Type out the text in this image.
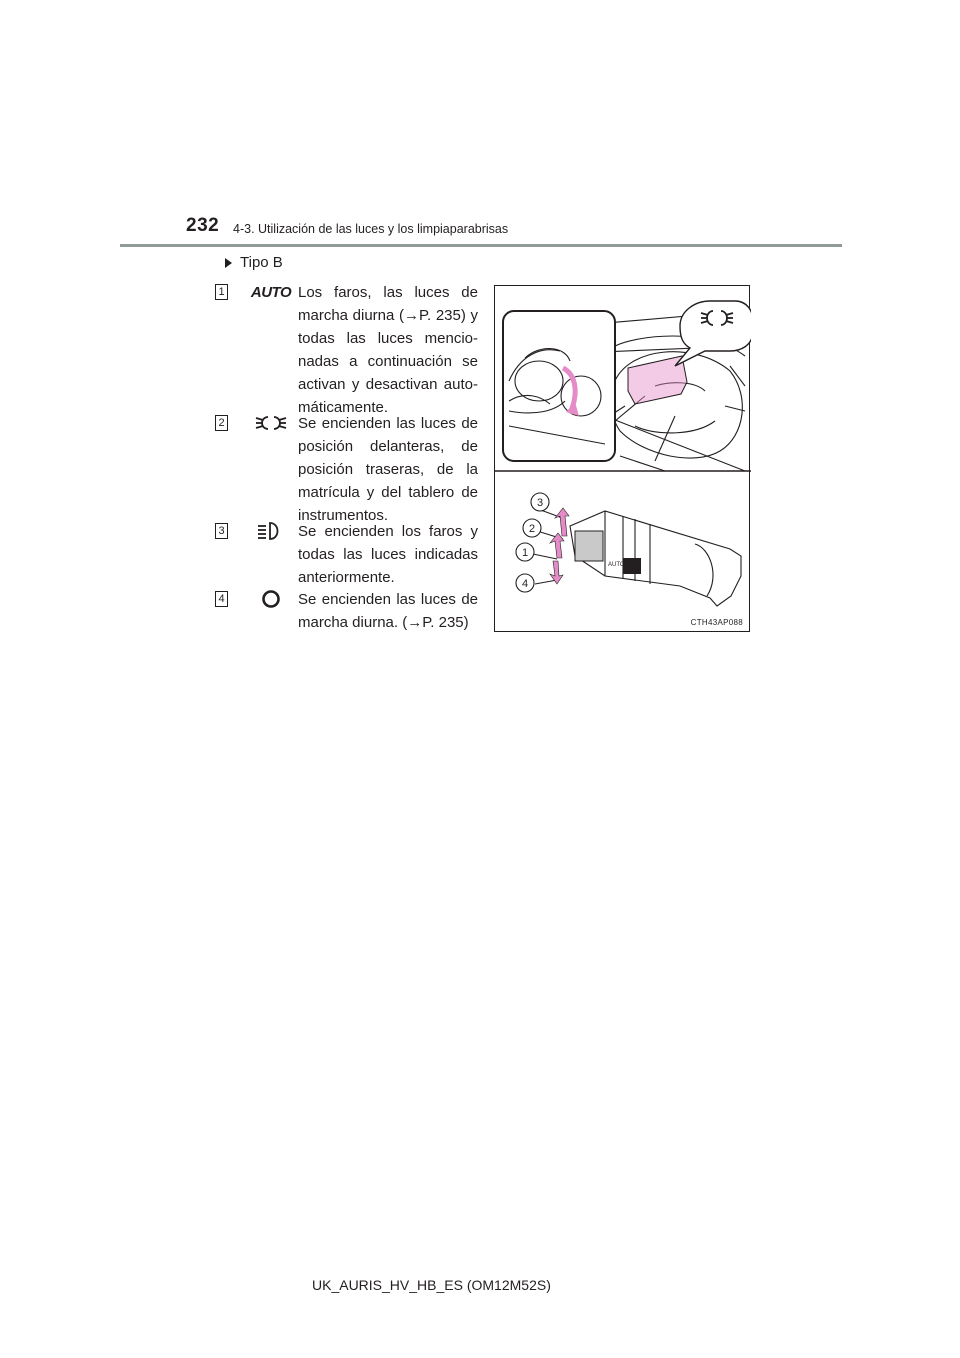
232 4-3. Utilización de las luces y los limpiaparabrisas
Tipo B
1 AUTO Los faros, las luces de marcha diurna (→P. 235) y todas las luces mencio-nadas a continuación se activan y desactivan auto-máticamente.
2	Se encienden las luces de posición delanteras, de posición traseras, de la matrícula y del tablero de instrumentos.
3	Se encienden los faros y todas las luces indicadas anteriormente.
4	Se encienden las luces de marcha diurna. (→P. 235)
AUTO
3
2
1
4
CTH43AP088
UK_AURIS_HV_HB_ES (OM12M52S)
